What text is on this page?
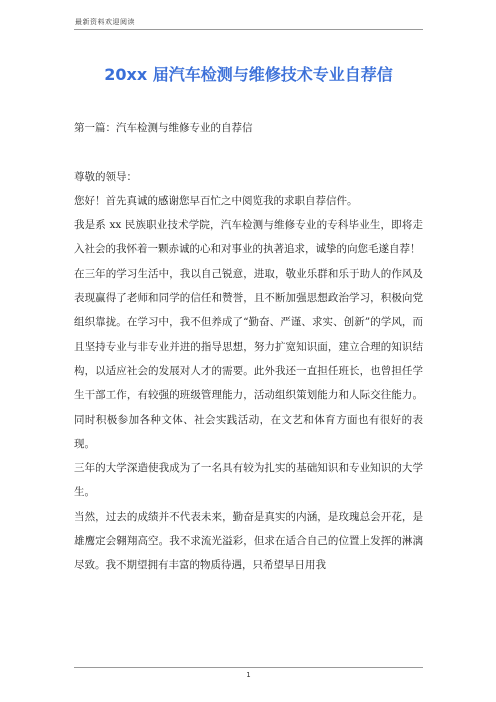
最新资料欢迎阅读
20xx 届汽车检测与维修技术专业自荐信

第一篇：汽车检测与维修专业的自荐信

尊敬的领导：

您好！首先真诚的感谢您早百忙之中阅览我的求职自荐信件。

我是系 xx 民族职业技术学院，汽车检测与维修专业的专科毕业生，即将走入社会的我怀着一颗赤诚的心和对事业的执著追求，诚挚的向您毛遂自荐！

在三年的学习生活中，我以自己锐意，进取，敬业乐群和乐于助人的作风及表现赢得了老师和同学的信任和赞誉，且不断加强思想政治学习，积极向党组织靠拢。在学习中，我不但养成了“勤奋、严谨、求实、创新”的学风，而且坚持专业与非专业并进的指导思想，努力扩宽知识面，建立合理的知识结构，以适应社会的发展对人才的需要。此外我还一直担任班长，也曾担任学生干部工作，有较强的班级管理能力，活动组织策划能力和人际交往能力。同时积极参加各种文体、社会实践活动，在文艺和体育方面也有很好的表现。

三年的大学深造使我成为了一名具有较为扎实的基础知识和专业知识的大学生。

当然，过去的成绩并不代表未来，勤奋是真实的内涵，是玫瑰总会开花，是雄鹰定会翱翔高空。我不求流光溢彩，但求在适合自己的位置上发挥的淋漓尽致。我不期望拥有丰富的物质待遇，只希望早日用我

1
